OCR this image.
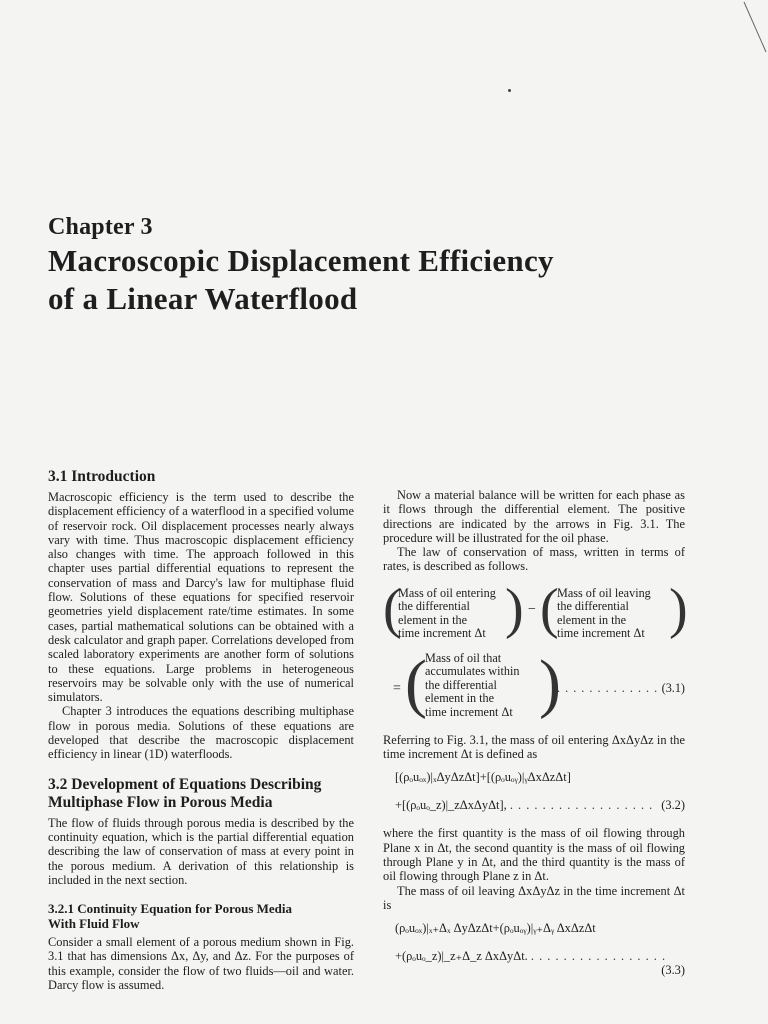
Chapter 3
Macroscopic Displacement Efficiency
of a Linear Waterflood
3.1 Introduction

Macroscopic efficiency is the term used to describe the displacement efficiency of a waterflood in a specified volume of reservoir rock. Oil displacement processes nearly always vary with time. Thus macroscopic displacement efficiency also changes with time. The approach followed in this chapter uses partial differential equations to represent the conservation of mass and Darcy's law for multiphase fluid flow. Solutions of these equations for specified reservoir geometries yield displacement rate/time estimates. In some cases, partial mathematical solutions can be obtained with a desk calculator and graph paper. Correlations developed from scaled laboratory experiments are another form of solutions to these equations. Large problems in heterogeneous reservoirs may be solvable only with the use of numerical simulators.

Chapter 3 introduces the equations describing multiphase flow in porous media. Solutions of these equations are developed that describe the macroscopic displacement efficiency in linear (1D) waterfloods.

3.2 Development of Equations Describing
Multiphase Flow in Porous Media

The flow of fluids through porous media is described by the continuity equation, which is the partial differential equation describing the law of conservation of mass at every point in the porous medium. A derivation of this relationship is included in the next section.

3.2.1 Continuity Equation for Porous Media
With Fluid Flow

Consider a small element of a porous medium shown in Fig. 3.1 that has dimensions Δx, Δy, and Δz. For the purposes of this example, consider the flow of two fluids—oil and water. Darcy flow is assumed.

Now a material balance will be written for each phase as it flows through the differential element. The positive directions are indicated by the arrows in Fig. 3.1. The procedure will be illustrated for the oil phase.

The law of conservation of mass, written in terms of rates, is described as follows.

(
Mass of oil entering
the differential
element in the
time increment Δt ) − (
Mass of oil leaving
the differential
element in the
time increment Δt )
= (
Mass of oil that
accumulates within
the differential
element in the
time increment Δt )
. . . . . . . . . . . . . (3.1)

Referring to Fig. 3.1, the mass of oil entering ΔxΔyΔz in the time increment Δt is defined as

[(ρₒuₒₓ)|ₓΔyΔzΔt]+[(ρₒuₒᵧ)|ᵧΔxΔzΔt]
+[(ρₒuₒ_z)|_zΔxΔyΔt], . . . . . . . . . . . . . . . . . . (3.2)

where the first quantity is the mass of oil flowing through Plane x in Δt, the second quantity is the mass of oil flowing through Plane y in Δt, and the third quantity is the mass of oil flowing through Plane z in Δt.

The mass of oil leaving ΔxΔyΔz in the time increment Δt is

(ρₒuₒₓ)|ₓ₊Δₓ ΔyΔzΔt+(ρₒuₒᵧ)|ᵧ₊Δᵧ ΔxΔzΔt
+(ρₒuₒ_z)|_z₊Δ_z ΔxΔyΔt. . . . . . . . . . . . . . . . . .
(3.3)
